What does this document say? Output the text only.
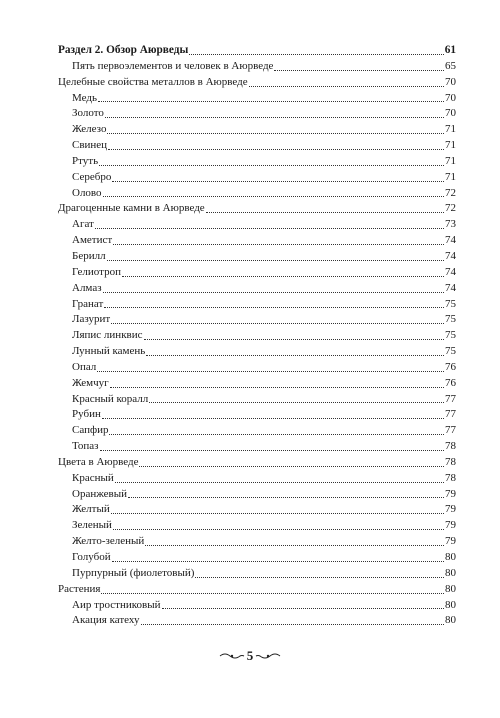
Раздел 2. Обзор Аюрведы	61
Пять первоэлементов и человек в Аюрведе	65
Целебные свойства металлов в Аюрведе	70
Медь	70
Золото	70
Железо	71
Свинец	71
Ртуть	71
Серебро	71
Олово	72
Драгоценные камни в Аюрведе	72
Агат	73
Аметист	74
Берилл	74
Гелиотроп	74
Алмаз	74
Гранат	75
Лазурит	75
Ляпис линквис	75
Лунный камень	75
Опал	76
Жемчуг	76
Красный коралл	77
Рубин	77
Сапфир	77
Топаз	78
Цвета в Аюрведе	78
Красный	78
Оранжевый	79
Желтый	79
Зеленый	79
Желто-зеленый	79
Голубой	80
Пурпурный (фиолетовый)	80
Растения	80
Аир тростниковый	80
Акация катеху	80
5
